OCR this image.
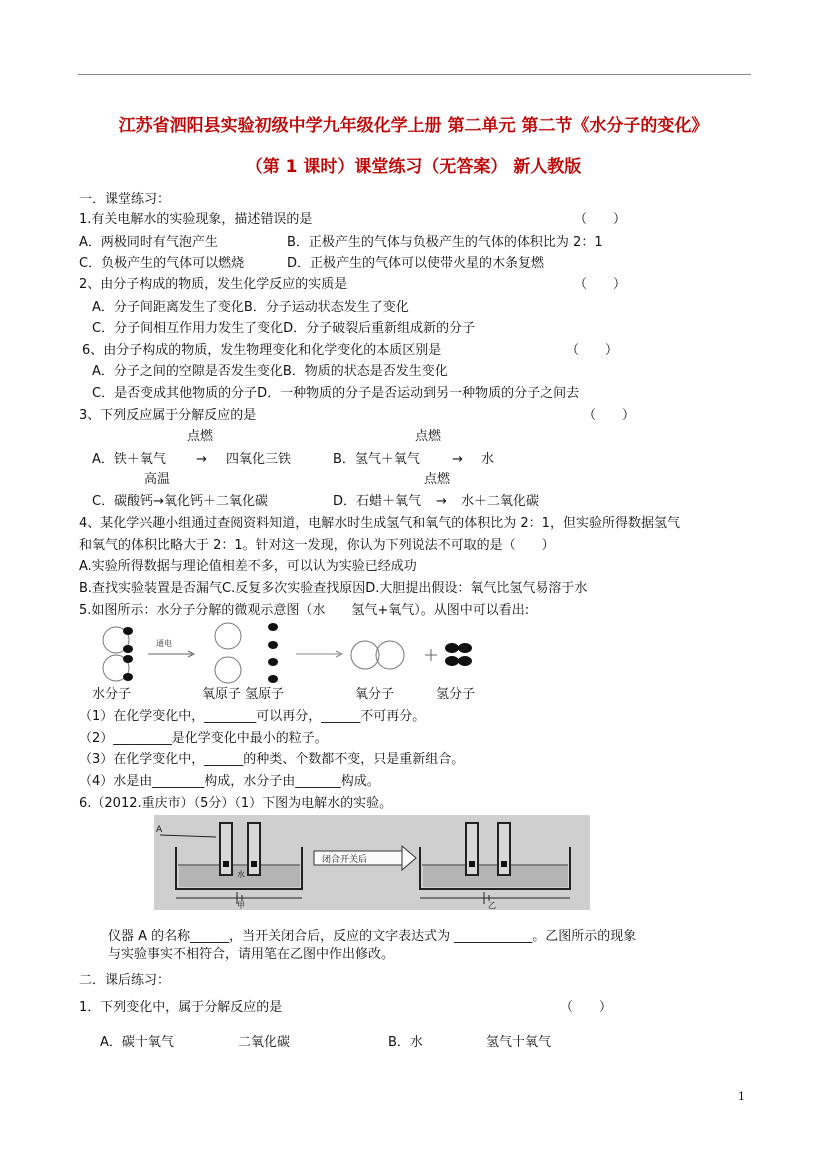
江苏省泗阳县实验初级中学九年级化学上册 第二单元 第二节《水分子的变化》
（第 1 课时）课堂练习（无答案） 新人教版
一．课堂练习：
1.有关电解水的实验现象，描述错误的是	（　　）
A．两极同时有气泡产生	B．正极产生的气体与负极产生的气体的体积比为 2：1
C．负极产生的气体可以燃烧	D．正极产生的气体可以使带火星的木条复燃
2、由分子构成的物质，发生化学反应的实质是	（　　）
A．分子间距离发生了变化B．分子运动状态发生了变化
C．分子间相互作用力发生了变化D．分子破裂后重新组成新的分子
6、由分子构成的物质，发生物理变化和化学变化的本质区别是	（　　）
A．分子之间的空隙是否发生变化B．物质的状态是否发生变化
C．是否变成其他物质的分子D．一种物质的分子是否运动到另一种物质的分子之间去
3、下列反应属于分解反应的是	（　　）
点燃	点燃
A．铁＋氧气 → 四氧化三铁	B．氢气＋氧气 → 水
高温	点燃
C．碳酸钙→氧化钙＋二氧化碳	D．石蜡＋氧气 → 水＋二氧化碳
4、某化学兴趣小组通过查阅资料知道，电解水时生成氢气和氧气的体积比为 2：1，但实验所得数据氢气
和氧气的体积比略大于 2：1。针对这一发现，你认为下列说法不可取的是（　　）
A.实验所得数据与理论值相差不多，可以认为实验已经成功
B.查找实验装置是否漏气C.反复多次实验查找原因D.大胆提出假设：氧气比氢气易溶于水
5.如图所示：水分子分解的微观示意图（水　　氢气+氧气）。从图中可以看出:
通电
水分子	氧原子 氢原子	氧分子	氢分子
（1）在化学变化中，________可以再分，______不可再分。
（2）_________是化学变化中最小的粒子。
（3）在化学变化中，______的种类、个数都不变，只是重新组合。
（4）水是由________构成，水分子由_______构成。
6.（2012.重庆市）（5分）（1）下图为电解水的实验。
A
水
甲
闭合开关后
乙
仪器 A 的名称______，当开关闭合后，反应的文字表达式为 ____________。乙图所示的现象
与实验事实不相符合，请用笔在乙图中作出修改。
二．课后练习：
1．下列变化中，属于分解反应的是	（　　）
A．碳十氧气	二氧化碳	B．水	氢气十氧气
1
